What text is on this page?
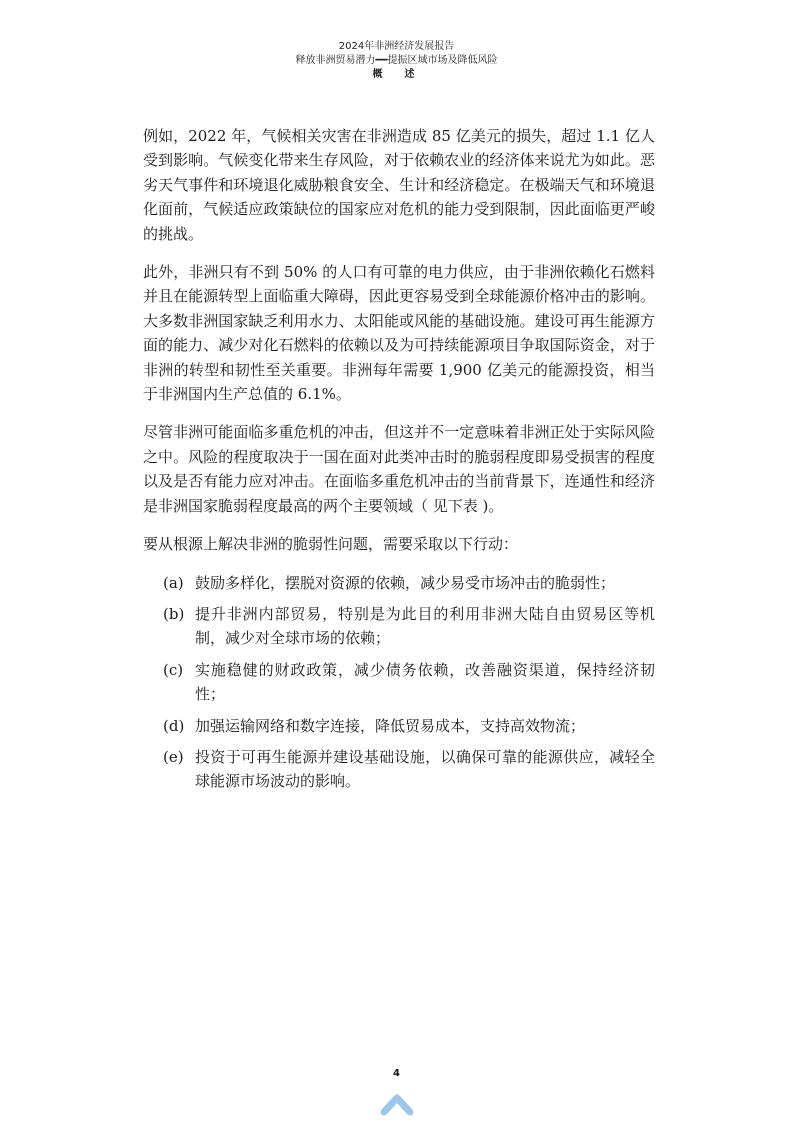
2024年非洲经济发展报告
释放非洲贸易潜力━━提振区域市场及降低风险
概　述

例如，2022 年，气候相关灾害在非洲造成 85 亿美元的损失，超过 1.1 亿人受到影响。气候变化带来生存风险，对于依赖农业的经济体来说尤为如此。恶劣天气事件和环境退化威胁粮食安全、生计和经济稳定。在极端天气和环境退化面前，气候适应政策缺位的国家应对危机的能力受到限制，因此面临更严峻的挑战。

此外，非洲只有不到 50% 的人口有可靠的电力供应，由于非洲依赖化石燃料并且在能源转型上面临重大障碍，因此更容易受到全球能源价格冲击的影响。大多数非洲国家缺乏利用水力、太阳能或风能的基础设施。建设可再生能源方面的能力、减少对化石燃料的依赖以及为可持续能源项目争取国际资金，对于非洲的转型和韧性至关重要。非洲每年需要 1,900 亿美元的能源投资，相当于非洲国内生产总值的 6.1%。

尽管非洲可能面临多重危机的冲击，但这并不一定意味着非洲正处于实际风险之中。风险的程度取决于一国在面对此类冲击时的脆弱程度即易受损害的程度以及是否有能力应对冲击。在面临多重危机冲击的当前背景下，连通性和经济是非洲国家脆弱程度最高的两个主要领域（ 见下表 )。

要从根源上解决非洲的脆弱性问题，需要采取以下行动：

(a) 鼓励多样化，摆脱对资源的依赖，减少易受市场冲击的脆弱性；
(b) 提升非洲内部贸易，特别是为此目的利用非洲大陆自由贸易区等机制，减少对全球市场的依赖；
(c) 实施稳健的财政政策，减少债务依赖，改善融资渠道，保持经济韧性；
(d) 加强运输网络和数字连接，降低贸易成本，支持高效物流；
(e) 投资于可再生能源并建设基础设施，以确保可靠的能源供应，减轻全球能源市场波动的影响。
4
